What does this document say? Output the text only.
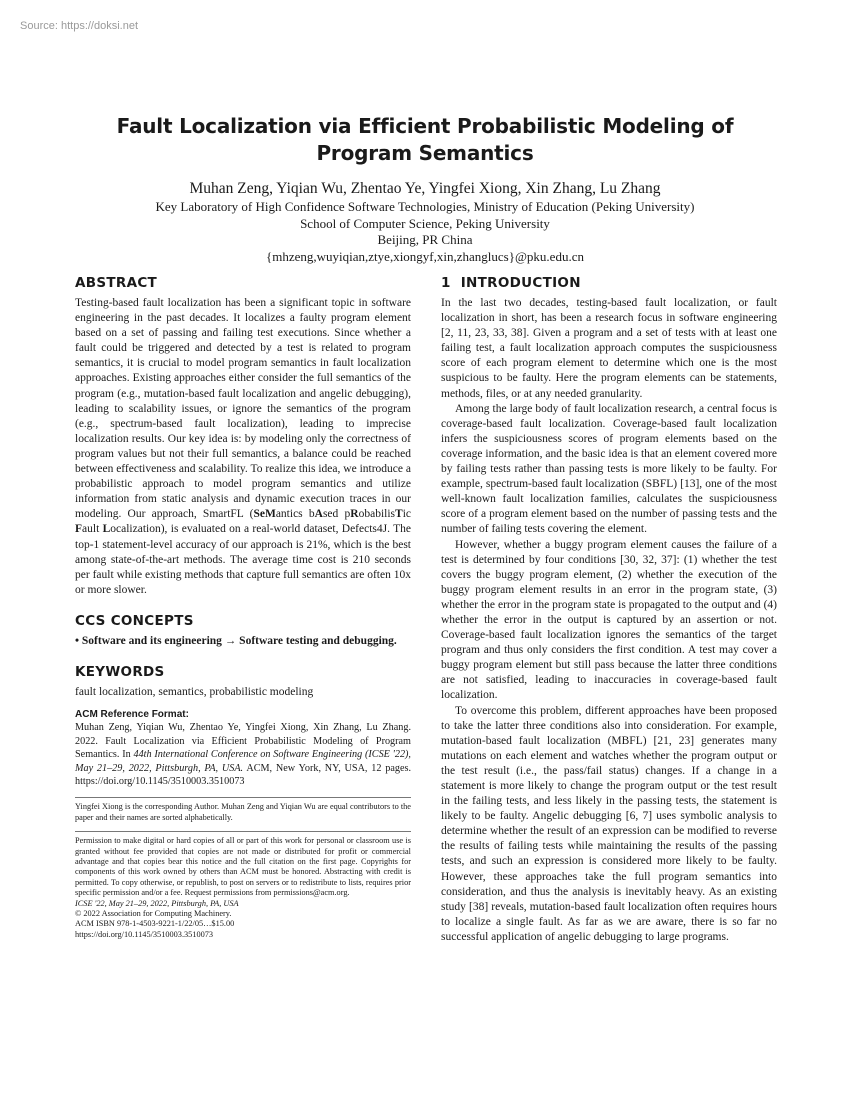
Source: https://doksi.net
Fault Localization via Efficient Probabilistic Modeling of
Program Semantics
Muhan Zeng, Yiqian Wu, Zhentao Ye, Yingfei Xiong, Xin Zhang, Lu Zhang
Key Laboratory of High Confidence Software Technologies, Ministry of Education (Peking University)
School of Computer Science, Peking University
Beijing, PR China
{mhzeng,wuyiqian,ztye,xiongyf,xin,zhanglucs}@pku.edu.cn
ABSTRACT
Testing-based fault localization has been a significant topic in software engineering in the past decades. It localizes a faulty program element based on a set of passing and failing test executions. Since whether a fault could be triggered and detected by a test is related to program semantics, it is crucial to model program semantics in fault localization approaches. Existing approaches either consider the full semantics of the program (e.g., mutation-based fault localization and angelic debugging), leading to scalability issues, or ignore the semantics of the program (e.g., spectrum-based fault localization), leading to imprecise localization results. Our key idea is: by modeling only the correctness of program values but not their full semantics, a balance could be reached between effectiveness and scalability. To realize this idea, we introduce a probabilistic approach to model program semantics and utilize information from static analysis and dynamic execution traces in our modeling. Our approach, SmartFL (SeMantics bAsed pRobabilisTic Fault Localization), is evaluated on a real-world dataset, Defects4J. The top-1 statement-level accuracy of our approach is 21%, which is the best among state-of-the-art methods. The average time cost is 210 seconds per fault while existing methods that capture full semantics are often 10x or more slower.
CCS CONCEPTS
• Software and its engineering → Software testing and debugging.
KEYWORDS
fault localization, semantics, probabilistic modeling
ACM Reference Format:
Muhan Zeng, Yiqian Wu, Zhentao Ye, Yingfei Xiong, Xin Zhang, Lu Zhang. 2022. Fault Localization via Efficient Probabilistic Modeling of Program Semantics. In 44th International Conference on Software Engineering (ICSE '22), May 21–29, 2022, Pittsburgh, PA, USA. ACM, New York, NY, USA, 12 pages. https://doi.org/10.1145/3510003.3510073
Yingfei Xiong is the corresponding Author. Muhan Zeng and Yiqian Wu are equal contributors to the paper and their names are sorted alphabetically.
Permission to make digital or hard copies of all or part of this work for personal or classroom use is granted without fee provided that copies are not made or distributed for profit or commercial advantage and that copies bear this notice and the full citation on the first page. Copyrights for components of this work owned by others than ACM must be honored. Abstracting with credit is permitted. To copy otherwise, or republish, to post on servers or to redistribute to lists, requires prior specific permission and/or a fee. Request permissions from permissions@acm.org.
ICSE '22, May 21–29, 2022, Pittsburgh, PA, USA
© 2022 Association for Computing Machinery.
ACM ISBN 978-1-4503-9221-1/22/05…$15.00
https://doi.org/10.1145/3510003.3510073
1 INTRODUCTION
In the last two decades, testing-based fault localization, or fault localization in short, has been a research focus in software engineering [2, 11, 23, 33, 38]. Given a program and a set of tests with at least one failing test, a fault localization approach computes the suspiciousness score of each program element to determine which one is the most suspicious to be faulty. Here the program elements can be statements, methods, files, or at any needed granularity.
Among the large body of fault localization research, a central focus is coverage-based fault localization. Coverage-based fault localization infers the suspiciousness scores of program elements based on the coverage information, and the basic idea is that an element covered more by failing tests rather than passing tests is more likely to be faulty. For example, spectrum-based fault localization (SBFL) [13], one of the most well-known fault localization families, calculates the suspiciousness score of a program element based on the number of passing tests and the number of failing tests covering the element.
However, whether a buggy program element causes the failure of a test is determined by four conditions [30, 32, 37]: (1) whether the test covers the buggy program element, (2) whether the execution of the buggy program element results in an error in the program state, (3) whether the error in the program state is propagated to the output and (4) whether the error in the output is captured by an assertion or not. Coverage-based fault localization ignores the semantics of the target program and thus only considers the first condition. A test may cover a buggy program element but still pass because the latter three conditions are not satisfied, leading to inaccuracies in coverage-based fault localization.
To overcome this problem, different approaches have been proposed to take the latter three conditions also into consideration. For example, mutation-based fault localization (MBFL) [21, 23] generates many mutations on each element and watches whether the program output or the test result (i.e., the pass/fail status) changes. If a change in a statement is more likely to change the program output or the test result in the failing tests, and less likely in the passing tests, the statement is likely to be faulty. Angelic debugging [6, 7] uses symbolic analysis to determine whether the result of an expression can be modified to reverse the results of failing tests while maintaining the results of the passing tests, and such an expression is considered more likely to be faulty. However, these approaches take the full program semantics into consideration, and thus the analysis is inevitably heavy. As an existing study [38] reveals, mutation-based fault localization often requires hours to localize a single fault. As far as we are aware, there is so far no successful application of angelic debugging to large programs.
